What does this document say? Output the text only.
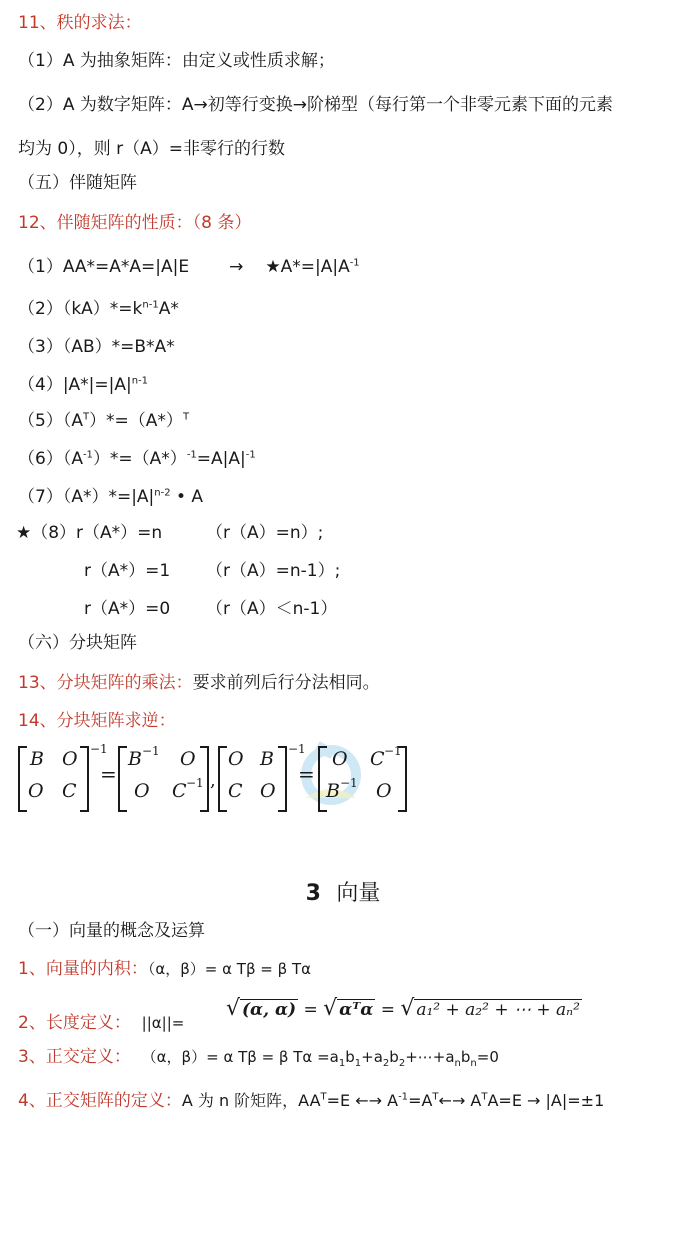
11、秩的求法：
（1）A 为抽象矩阵：由定义或性质求解；
（2）A 为数字矩阵：A→初等行变换→阶梯型（每行第一个非零元素下面的元素
均为 0），则 r（A）=非零行的行数
（五）伴随矩阵
12、伴随矩阵的性质：（8 条）
$(1)AA*=A*A=|A|E \to ★A*=|A|A^{-1}$
$(2)(kA)*=k^{n-1}A*$
（3）（AB）*=B*A*
$(4)|A*|=|A|^{n-1}$
$(5)(A^T)*=(A*)^T$
$(6)(A^{-1})*=(A*)^{-1}=A|A|^{-1}$
$(7)(A*)*=|A|^{n-2}$ • A
★（8）r（A*）=n	（r（A）=n）;
r（A*）=1 （r（A）=n-1）;
r（A*）=0 （r（A）＜n-1）
（六）分块矩阵
13、分块矩阵的乘法：要求前列后行分法相同。
14、分块矩阵求逆：
B O
O C
−1
=
B −1 O
O C −1 ,
O B
C O
−1
=
O C −1
B −1 O
3 向量
（一）向量的概念及运算
1、向量的内积：（α，β）= α Tβ = β Tα
2、长度定义： ||α||=
√ (α, α) = √ αᵀα = √ a₁² + a₂² + ⋯ + aₙ²
3、正交定义： （α，β）= α Tβ = β $T\alpha =a_1b_1+a_2b_2+\cdots+a_nb_n=0$
4、正交矩阵的定义：A 为 n 阶矩阵，$AA^T=E$ ←→ $A^{-1}=A^T\leftarrow\to A^TA=E \to |A|=\pm 1$
